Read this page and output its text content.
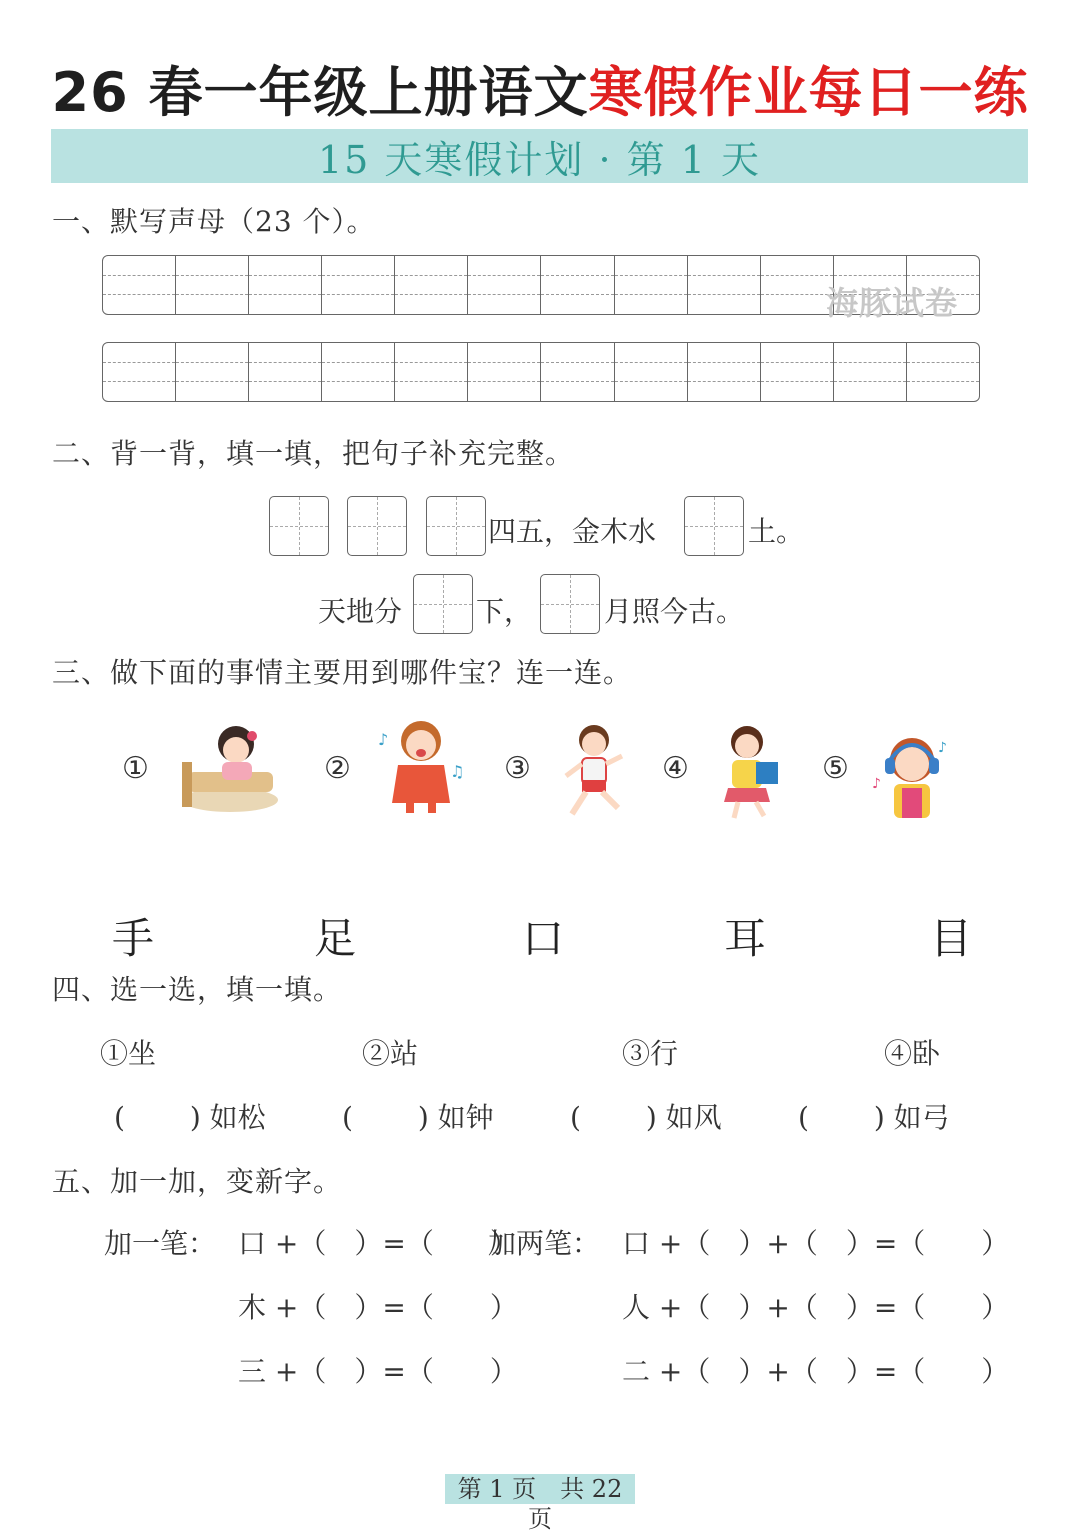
26 春一年级上册语文寒假作业每日一练
15 天寒假计划 · 第 1 天
一、默写声母（23 个）。
海豚试卷
二、背一背，填一填，把句子补充完整。
四五，金木水	土。
天地分	下，	月照今古。
三、做下面的事情主要用到哪件宝？连一连。
①	②
♪
♫ ③	④	⑤ ♪
♪
手	足	口	耳	目
四、选一选，填一填。
①坐	②站	③行	④卧
(　　 ) 如松	(　　 ) 如钟	(　　 ) 如风	(　　 ) 如弓
五、加一加，变新字。
加一笔： 口 +（　）=（　　）
木 +（　）=（　　）
三 +（　）=（　　）
加两笔： 口 +（　）+（　）=（　　）
人 +（　）+（　）=（　　）
二 +（　）+（　）=（　　）
第 1 页　共 22 页
